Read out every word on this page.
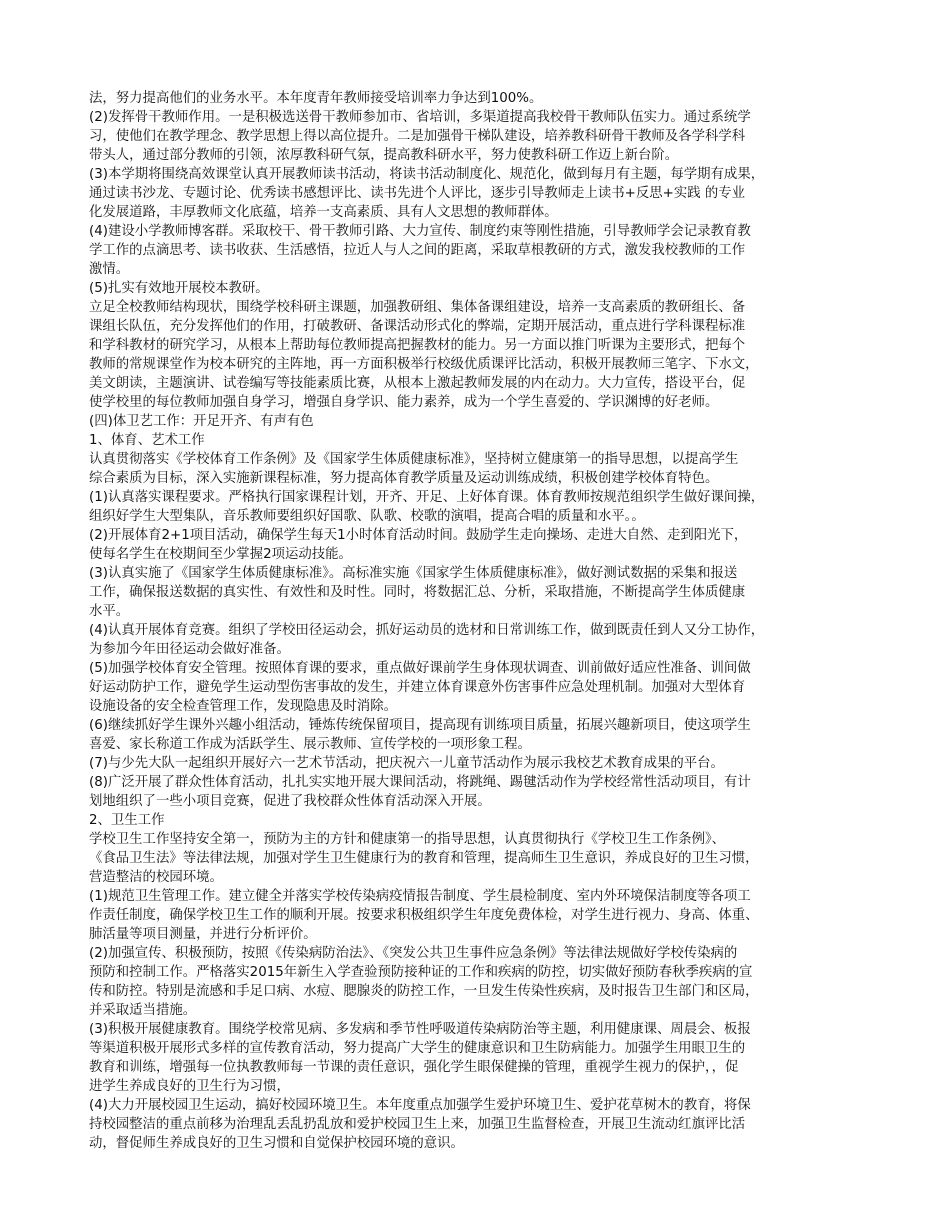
法，努力提高他们的业务水平。本年度青年教师接受培训率力争达到100%。
(2)发挥骨干教师作用。一是积极选送骨干教师参加市、省培训，多渠道提高我校骨干教师队伍实力。通过系统学
习，使他们在教学理念、教学思想上得以高位提升。二是加强骨干梯队建设，培养教科研骨干教师及各学科学科
带头人，通过部分教师的引领，浓厚教科研气氛，提高教科研水平，努力使教科研工作迈上新台阶。
(3)本学期将围绕高效课堂认真开展教师读书活动，将读书活动制度化、规范化，做到每月有主题，每学期有成果，
通过读书沙龙、专题讨论、优秀读书感想评比、读书先进个人评比，逐步引导教师走上读书+反思+实践 的专业
化发展道路，丰厚教师文化底蕴，培养一支高素质、具有人文思想的教师群体。
(4)建设小学教师博客群。采取校干、骨干教师引路、大力宣传、制度约束等刚性措施，引导教师学会记录教育教
学工作的点滴思考、读书收获、生活感悟，拉近人与人之间的距离，采取草根教研的方式，激发我校教师的工作
激情。
(5)扎实有效地开展校本教研。
立足全校教师结构现状，围绕学校科研主课题，加强教研组、集体备课组建设，培养一支高素质的教研组长、备
课组长队伍，充分发挥他们的作用，打破教研、备课活动形式化的弊端，定期开展活动，重点进行学科课程标准
和学科教材的研究学习，从根本上帮助每位教师提高把握教材的能力。另一方面以推门听课为主要形式，把每个
教师的常规课堂作为校本研究的主阵地，再一方面积极举行校级优质课评比活动，积极开展教师三笔字、下水文，
美文朗读，主题演讲、试卷编写等技能素质比赛，从根本上激起教师发展的内在动力。大力宣传，搭设平台，促
使学校里的每位教师加强自身学习，增强自身学识、能力素养，成为一个学生喜爱的、学识渊博的好老师。
(四)体卫艺工作：开足开齐、有声有色
1、体育、艺术工作
认真贯彻落实《学校体育工作条例》及《国家学生体质健康标准》，坚持树立健康第一的指导思想，以提高学生
综合素质为目标，深入实施新课程标准，努力提高体育教学质量及运动训练成绩，积极创建学校体育特色。
(1)认真落实课程要求。严格执行国家课程计划，开齐、开足、上好体育课。体育教师按规范组织学生做好课间操，
组织好学生大型集队，音乐教师要组织好国歌、队歌、校歌的演唱，提高合唱的质量和水平。。
(2)开展体育2+1项目活动，确保学生每天1小时体育活动时间。鼓励学生走向操场、走进大自然、走到阳光下，
使每名学生在校期间至少掌握2项运动技能。
(3)认真实施了《国家学生体质健康标准》。高标准实施《国家学生体质健康标准》，做好测试数据的采集和报送
工作，确保报送数据的真实性、有效性和及时性。同时，将数据汇总、分析，采取措施，不断提高学生体质健康
水平。
(4)认真开展体育竞赛。组织了学校田径运动会，抓好运动员的选材和日常训练工作，做到既责任到人又分工协作，
为参加今年田径运动会做好准备。
(5)加强学校体育安全管理。按照体育课的要求，重点做好课前学生身体现状调查、训前做好适应性准备、训间做
好运动防护工作，避免学生运动型伤害事故的发生，并建立体育课意外伤害事件应急处理机制。加强对大型体育
设施设备的安全检查管理工作，发现隐患及时消除。
(6)继续抓好学生课外兴趣小组活动，锤炼传统保留项目，提高现有训练项目质量，拓展兴趣新项目，使这项学生
喜爱、家长称道工作成为活跃学生、展示教师、宣传学校的一项形象工程。
(7)与少先大队一起组织开展好六一艺术节活动，把庆祝六一儿童节活动作为展示我校艺术教育成果的平台。
(8)广泛开展了群众性体育活动，扎扎实实地开展大课间活动，将跳绳、踢毽活动作为学校经常性活动项目，有计
划地组织了一些小项目竞赛，促进了我校群众性体育活动深入开展。
2、卫生工作
学校卫生工作坚持安全第一，预防为主的方针和健康第一的指导思想，认真贯彻执行《学校卫生工作条例》、
《食品卫生法》等法律法规，加强对学生卫生健康行为的教育和管理，提高师生卫生意识，养成良好的卫生习惯，
营造整洁的校园环境。
(1)规范卫生管理工作。建立健全并落实学校传染病疫情报告制度、学生晨检制度、室内外环境保洁制度等各项工
作责任制度，确保学校卫生工作的顺利开展。按要求积极组织学生年度免费体检，对学生进行视力、身高、体重、
肺活量等项目测量，并进行分析评价。
(2)加强宣传、积极预防，按照《传染病防治法》、《突发公共卫生事件应急条例》等法律法规做好学校传染病的
预防和控制工作。严格落实2015年新生入学查验预防接种证的工作和疾病的防控，切实做好预防春秋季疾病的宣
传和防控。特别是流感和手足口病、水痘、腮腺炎的防控工作，一旦发生传染性疾病，及时报告卫生部门和区局，
并采取适当措施。
(3)积极开展健康教育。围绕学校常见病、多发病和季节性呼吸道传染病防治等主题，利用健康课、周晨会、板报
等渠道积极开展形式多样的宣传教育活动，努力提高广大学生的健康意识和卫生防病能力。加强学生用眼卫生的
教育和训练，增强每一位执教教师每一节课的责任意识，强化学生眼保健操的管理，重视学生视力的保护，，促
进学生养成良好的卫生行为习惯，
(4)大力开展校园卫生运动，搞好校园环境卫生。本年度重点加强学生爱护环境卫生、爱护花草树木的教育，将保
持校园整洁的重点前移为治理乱丢乱扔乱放和爱护校园卫生上来，加强卫生监督检查，开展卫生流动红旗评比活
动，督促师生养成良好的卫生习惯和自觉保护校园环境的意识。
